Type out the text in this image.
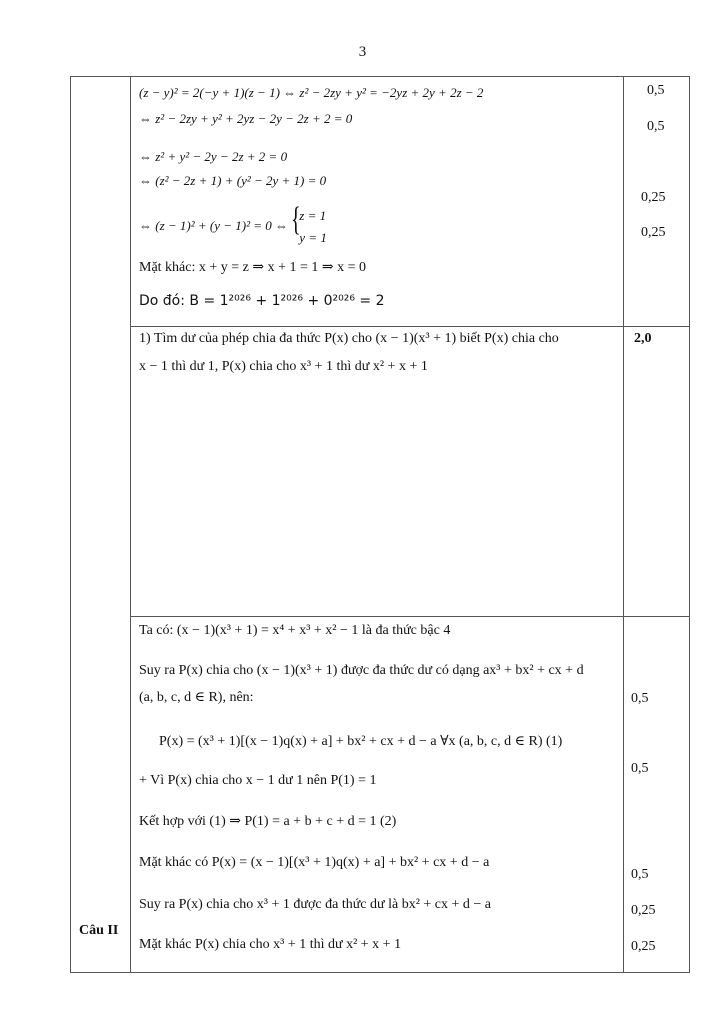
3
(z − y)² = 2(−y + 1)(z − 1) ⇔ z² − 2zy + y² = −2yz + 2y + 2z − 2
⇔ z² − 2zy + y² + 2yz − 2y − 2z + 2 = 0
⇔ z² + y² − 2y − 2z + 2 = 0
⇔ (z² − 2z + 1) + (y² − 2y + 1) = 0
⇔ (z − 1)² + (y − 1)² = 0 ⇔ {
z = 1
y = 1
Mặt khác: x + y = z ⇒ x + 1 = 1 ⇒ x = 0
Do đó: B = 1²⁰²⁶ + 1²⁰²⁶ + 0²⁰²⁶ = 2
0,5
0,5
0,25
0,25
1) Tìm dư của phép chia đa thức P(x) cho (x − 1)(x³ + 1) biết P(x) chia cho
x − 1 thì dư 1, P(x) chia cho x³ + 1 thì dư x² + x + 1
2,0
Ta có: (x − 1)(x³ + 1) = x⁴ + x³ + x² − 1 là đa thức bậc 4
Suy ra P(x) chia cho (x − 1)(x³ + 1) được đa thức dư có dạng ax³ + bx² + cx + d
(a, b, c, d ∈ R), nên:
P(x) = (x³ + 1)[(x − 1)q(x) + a] + bx² + cx + d − a ∀x (a, b, c, d ∈ R) (1)
+ Vì P(x) chia cho x − 1 dư 1 nên P(1) = 1
Kết hợp với (1) ⇒ P(1) = a + b + c + d = 1 (2)
Mặt khác có P(x) = (x − 1)[(x³ + 1)q(x) + a] + bx² + cx + d − a
Suy ra P(x) chia cho x³ + 1 được đa thức dư là bx² + cx + d − a
Mặt khác P(x) chia cho x³ + 1 thì dư x² + x + 1
0,5
0,5
0,5
0,25
0,25
Câu II
